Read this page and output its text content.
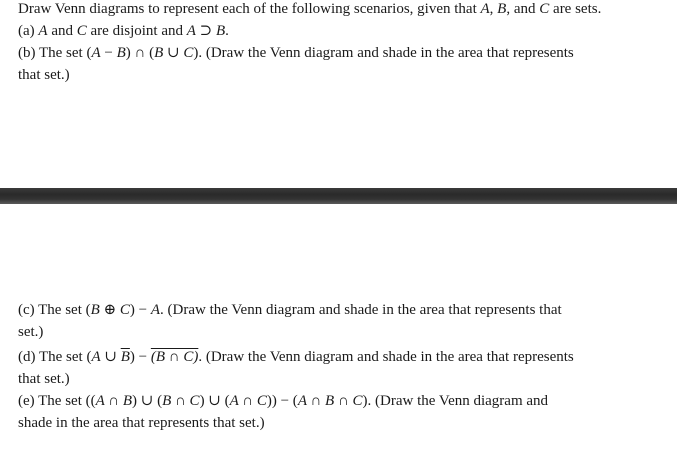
Draw Venn diagrams to represent each of the following scenarios, given that A, B, and C are sets.
(a) A and C are disjoint and A ⊃ B.
(b) The set (A − B) ∩ (B ∪ C). (Draw the Venn diagram and shade in the area that represents
that set.)
(c) The set (B ⊕ C) − A. (Draw the Venn diagram and shade in the area that represents that
set.)
(d) The set (A ∪ $\overline{B}) - (B$ ∩ C). (Draw the Venn diagram and shade in the area that represents
that set.)
(e) The set ((A ∩ B) ∪ (B ∩ C) ∪ (A ∩ C)) − (A ∩ B ∩ C). (Draw the Venn diagram and
shade in the area that represents that set.)
